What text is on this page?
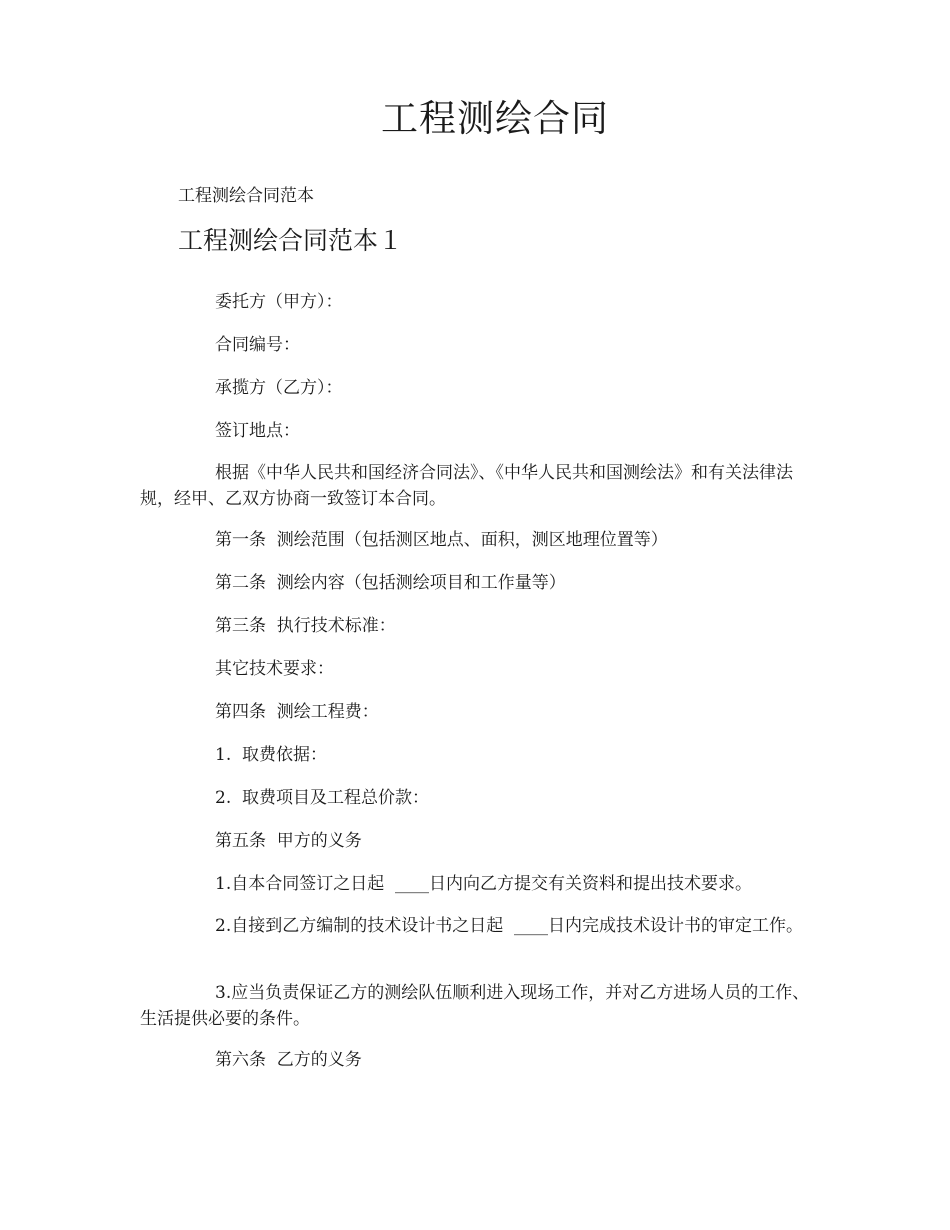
工程测绘合同

工程测绘合同范本

工程测绘合同范本１

委托方（甲方）：

合同编号：

承揽方（乙方）：

签订地点：

根据《中华人民共和国经济合同法》、《中华人民共和国测绘法》和有关法律法规，经甲、乙双方协商一致签订本合同。

第一条  测绘范围（包括测区地点、面积，测区地理位置等）

第二条  测绘内容（包括测绘项目和工作量等）

第三条  执行技术标准：

其它技术要求：

第四条  测绘工程费：

1.  取费依据：

2.  取费项目及工程总价款：

第五条  甲方的义务

1.自本合同签订之日起  ____日内向乙方提交有关资料和提出技术要求。

2.自接到乙方编制的技术设计书之日起  ____日内完成技术设计书的审定工作。

3.应当负责保证乙方的测绘队伍顺利进入现场工作，并对乙方进场人员的工作、生活提供必要的条件。

第六条  乙方的义务
